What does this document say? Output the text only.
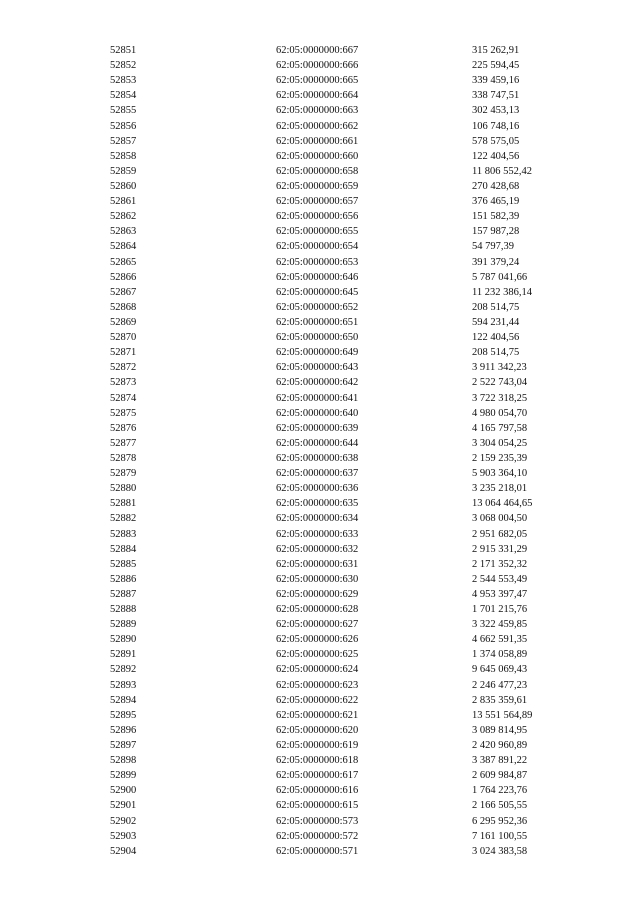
52851	62:05:0000000:667	315 262,91
52852	62:05:0000000:666	225 594,45
52853	62:05:0000000:665	339 459,16
52854	62:05:0000000:664	338 747,51
52855	62:05:0000000:663	302 453,13
52856	62:05:0000000:662	106 748,16
52857	62:05:0000000:661	578 575,05
52858	62:05:0000000:660	122 404,56
52859	62:05:0000000:658	11 806 552,42
52860	62:05:0000000:659	270 428,68
52861	62:05:0000000:657	376 465,19
52862	62:05:0000000:656	151 582,39
52863	62:05:0000000:655	157 987,28
52864	62:05:0000000:654	54 797,39
52865	62:05:0000000:653	391 379,24
52866	62:05:0000000:646	5 787 041,66
52867	62:05:0000000:645	11 232 386,14
52868	62:05:0000000:652	208 514,75
52869	62:05:0000000:651	594 231,44
52870	62:05:0000000:650	122 404,56
52871	62:05:0000000:649	208 514,75
52872	62:05:0000000:643	3 911 342,23
52873	62:05:0000000:642	2 522 743,04
52874	62:05:0000000:641	3 722 318,25
52875	62:05:0000000:640	4 980 054,70
52876	62:05:0000000:639	4 165 797,58
52877	62:05:0000000:644	3 304 054,25
52878	62:05:0000000:638	2 159 235,39
52879	62:05:0000000:637	5 903 364,10
52880	62:05:0000000:636	3 235 218,01
52881	62:05:0000000:635	13 064 464,65
52882	62:05:0000000:634	3 068 004,50
52883	62:05:0000000:633	2 951 682,05
52884	62:05:0000000:632	2 915 331,29
52885	62:05:0000000:631	2 171 352,32
52886	62:05:0000000:630	2 544 553,49
52887	62:05:0000000:629	4 953 397,47
52888	62:05:0000000:628	1 701 215,76
52889	62:05:0000000:627	3 322 459,85
52890	62:05:0000000:626	4 662 591,35
52891	62:05:0000000:625	1 374 058,89
52892	62:05:0000000:624	9 645 069,43
52893	62:05:0000000:623	2 246 477,23
52894	62:05:0000000:622	2 835 359,61
52895	62:05:0000000:621	13 551 564,89
52896	62:05:0000000:620	3 089 814,95
52897	62:05:0000000:619	2 420 960,89
52898	62:05:0000000:618	3 387 891,22
52899	62:05:0000000:617	2 609 984,87
52900	62:05:0000000:616	1 764 223,76
52901	62:05:0000000:615	2 166 505,55
52902	62:05:0000000:573	6 295 952,36
52903	62:05:0000000:572	7 161 100,55
52904	62:05:0000000:571	3 024 383,58
